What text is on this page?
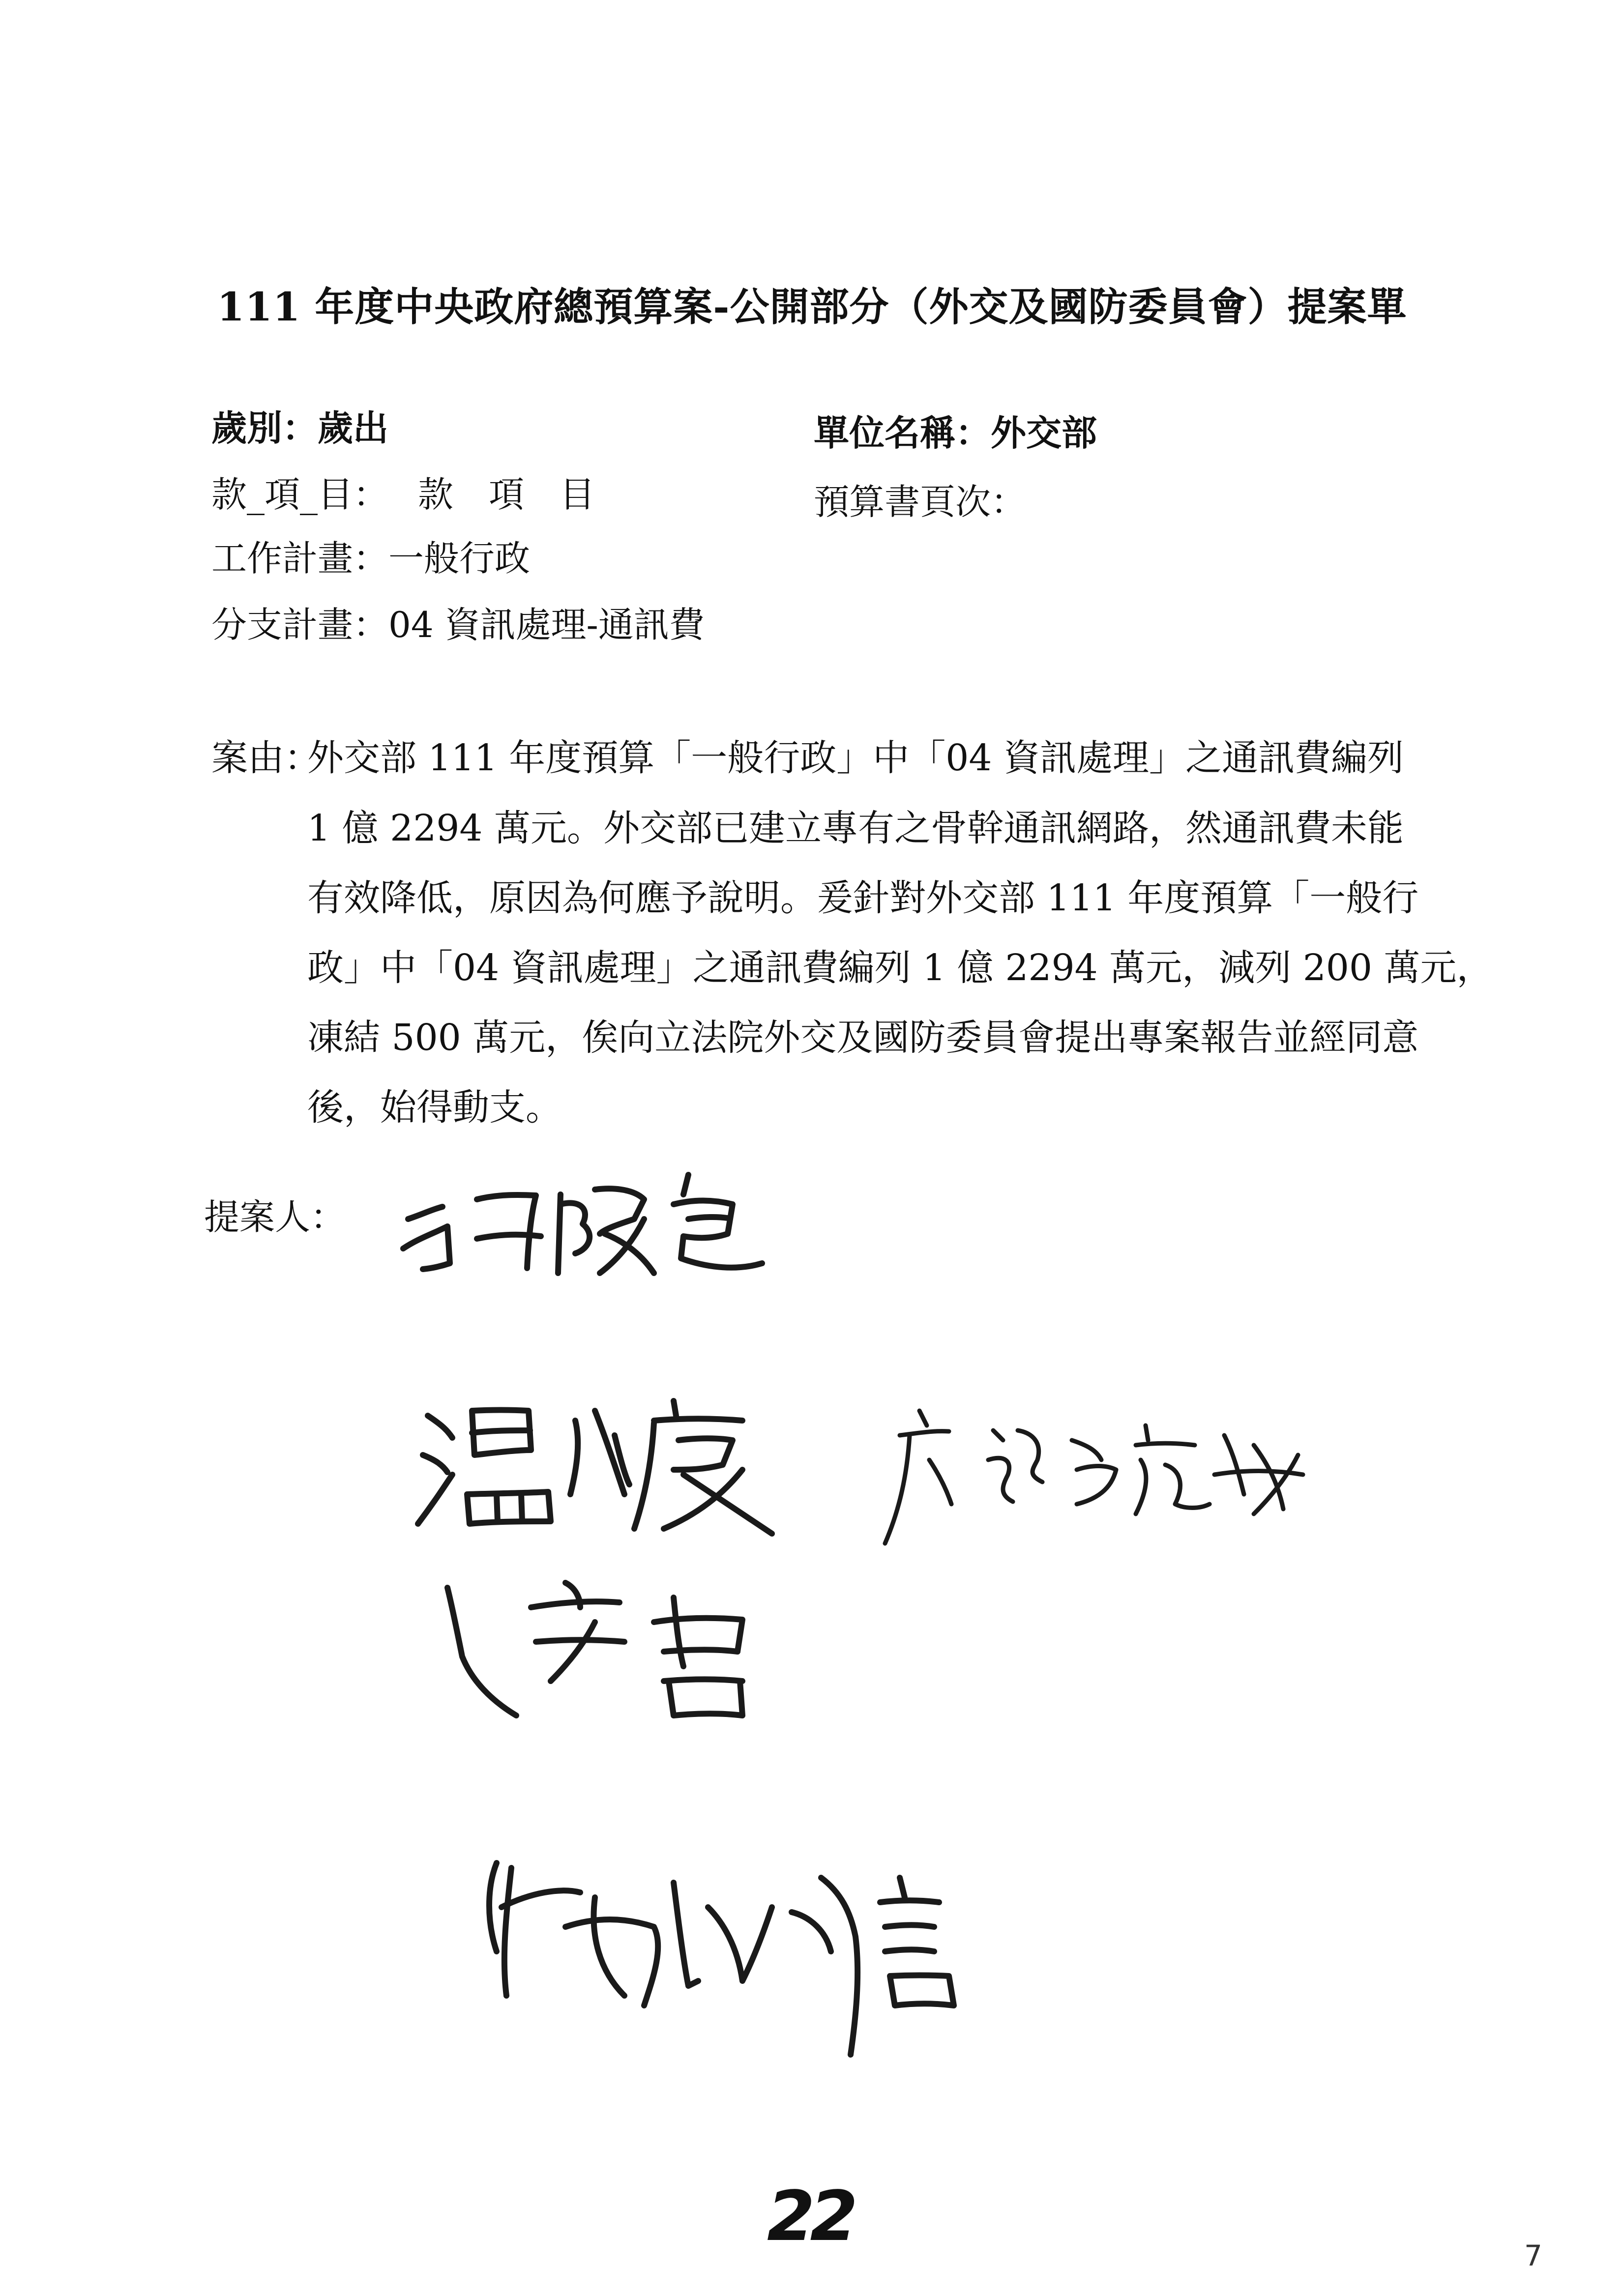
111 年度中央政府總預算案-公開部分（外交及國防委員會）提案單
歲別：歲出	單位名稱：外交部
款_項_目： 款　項　目	預算書頁次：
工作計畫：一般行政
分支計畫：04 資訊處理-通訊費
案由：
外交部 111 年度預算「一般行政」中「04 資訊處理」之通訊費編列
1 億 2294 萬元。外交部已建立專有之骨幹通訊網路，然通訊費未能
有效降低，原因為何應予說明。爰針對外交部 111 年度預算「一般行
政」中「04 資訊處理」之通訊費編列 1 億 2294 萬元，減列 200 萬元，
凍結 500 萬元，俟向立法院外交及國防委員會提出專案報告並經同意
後，始得動支。
提案人：
22	7
